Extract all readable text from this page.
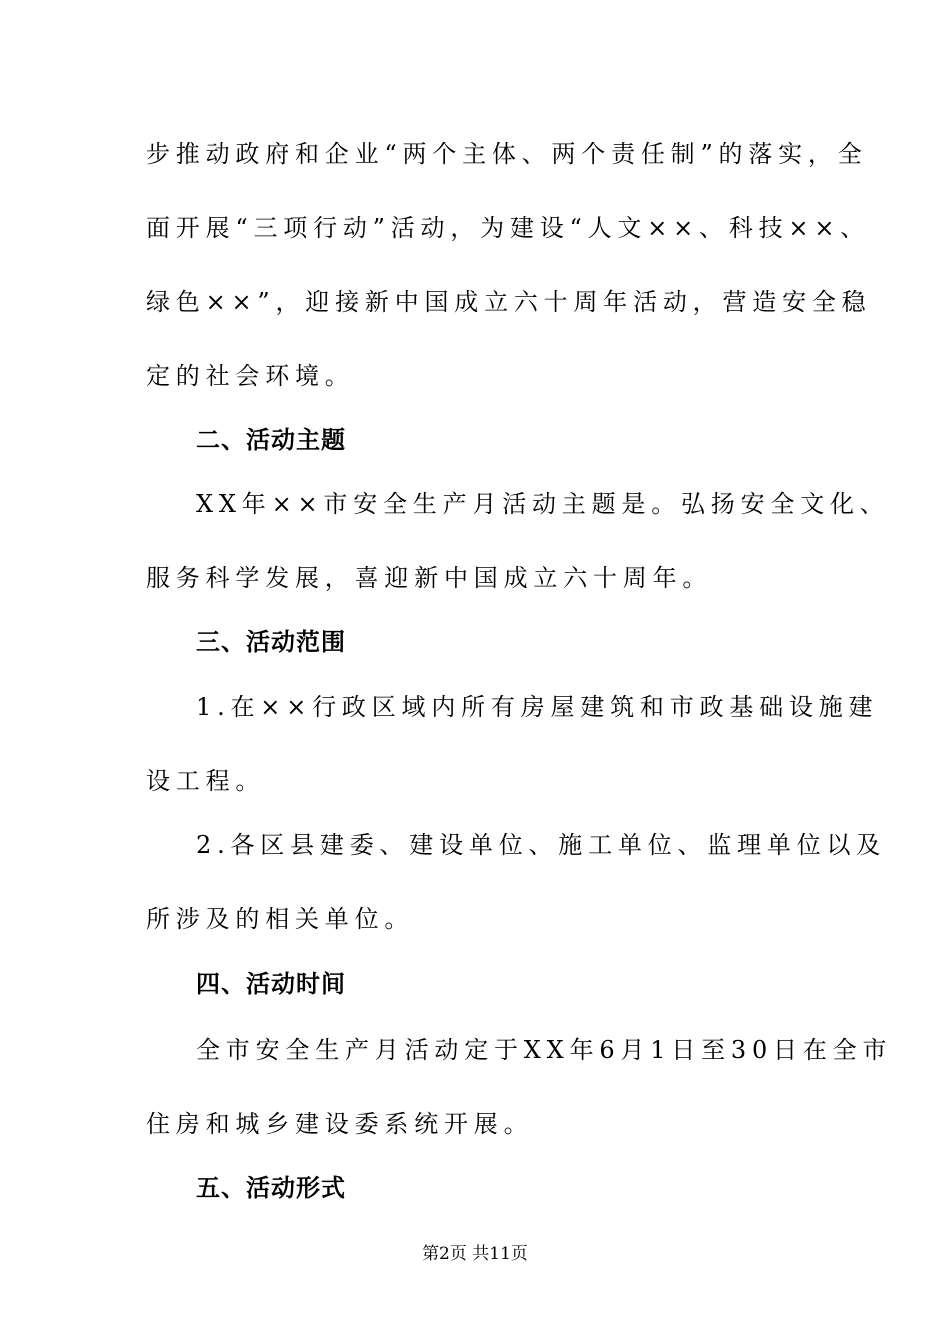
步推动政府和企业“两个主体、两个责任制”的落实，全
面开展“三项行动”活动，为建设“人文××、科技××、
绿色××”，迎接新中国成立六十周年活动，营造安全稳
定的社会环境。
二、活动主题
XX年××市安全生产月活动主题是。弘扬安全文化、
服务科学发展，喜迎新中国成立六十周年。
三、活动范围
1.在××行政区域内所有房屋建筑和市政基础设施建
设工程。
2.各区县建委、建设单位、施工单位、监理单位以及
所涉及的相关单位。
四、活动时间
全市安全生产月活动定于XX年6月1日至30日在全市
住房和城乡建设委系统开展。
五、活动形式
第2页 共11页
